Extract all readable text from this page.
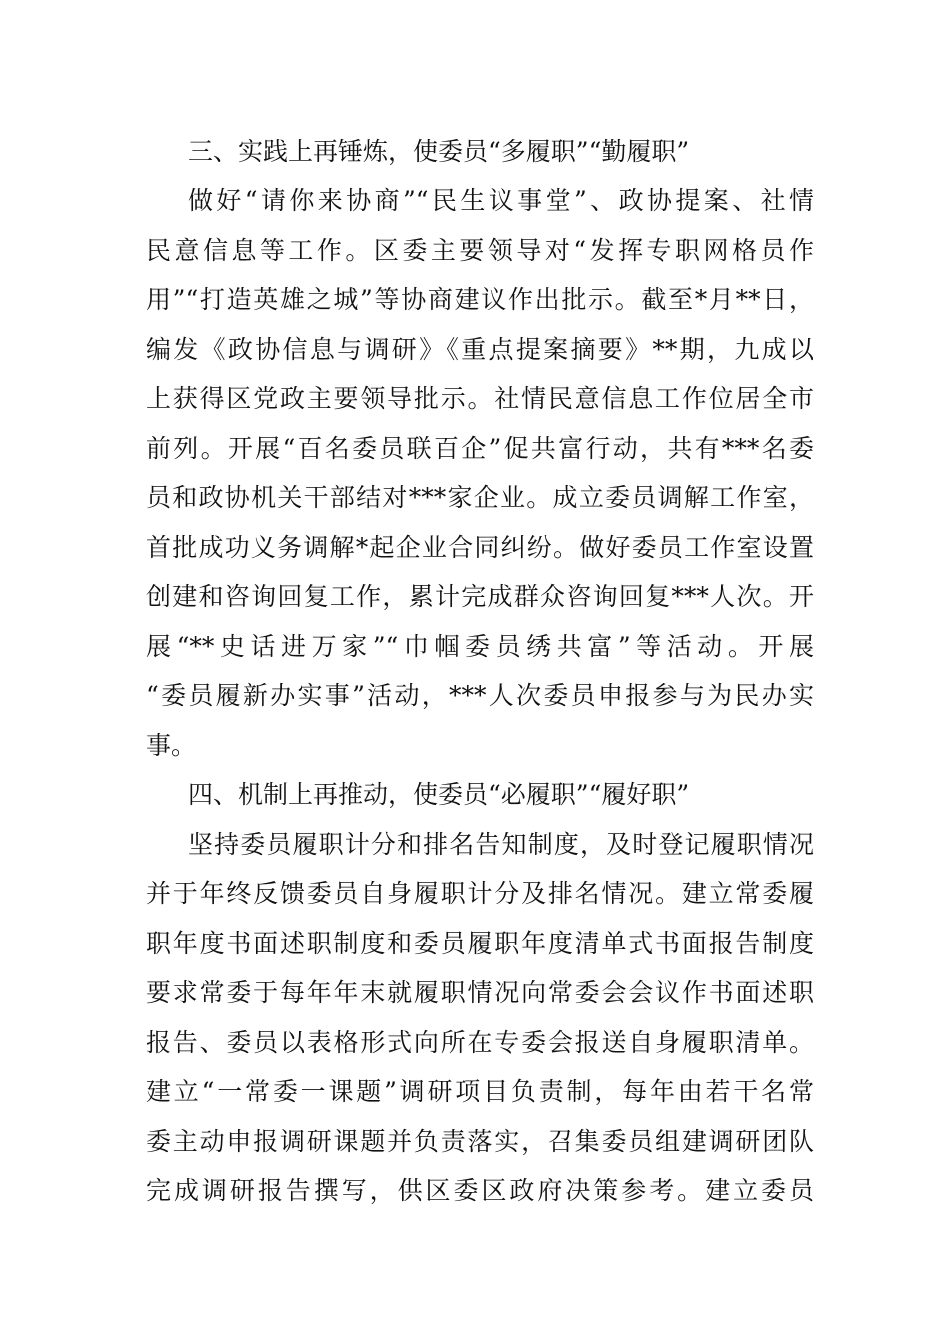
三、实践上再锤炼，使委员“多履职”“勤履职”
做好“请你来协商”“民生议事堂”、政协提案、社情
民意信息等工作。区委主要领导对“发挥专职网格员作
用”“打造英雄之城”等协商建议作出批示。截至*月**日，
编发《政协信息与调研》《重点提案摘要》**期，九成以
上获得区党政主要领导批示。社情民意信息工作位居全市
前列。开展“百名委员联百企”促共富行动，共有***名委
员和政协机关干部结对***家企业。成立委员调解工作室，
首批成功义务调解*起企业合同纠纷。做好委员工作室设置
创建和咨询回复工作，累计完成群众咨询回复***人次。开
展“**史话进万家”“巾帼委员绣共富”等活动。开展
“委员履新办实事”活动，***人次委员申报参与为民办实
事。
四、机制上再推动，使委员“必履职”“履好职”
坚持委员履职计分和排名告知制度，及时登记履职情况
并于年终反馈委员自身履职计分及排名情况。建立常委履
职年度书面述职制度和委员履职年度清单式书面报告制度
要求常委于每年年末就履职情况向常委会会议作书面述职
报告、委员以表格形式向所在专委会报送自身履职清单。
建立“一常委一课题”调研项目负责制，每年由若干名常
委主动申报调研课题并负责落实，召集委员组建调研团队
完成调研报告撰写，供区委区政府决策参考。建立委员
